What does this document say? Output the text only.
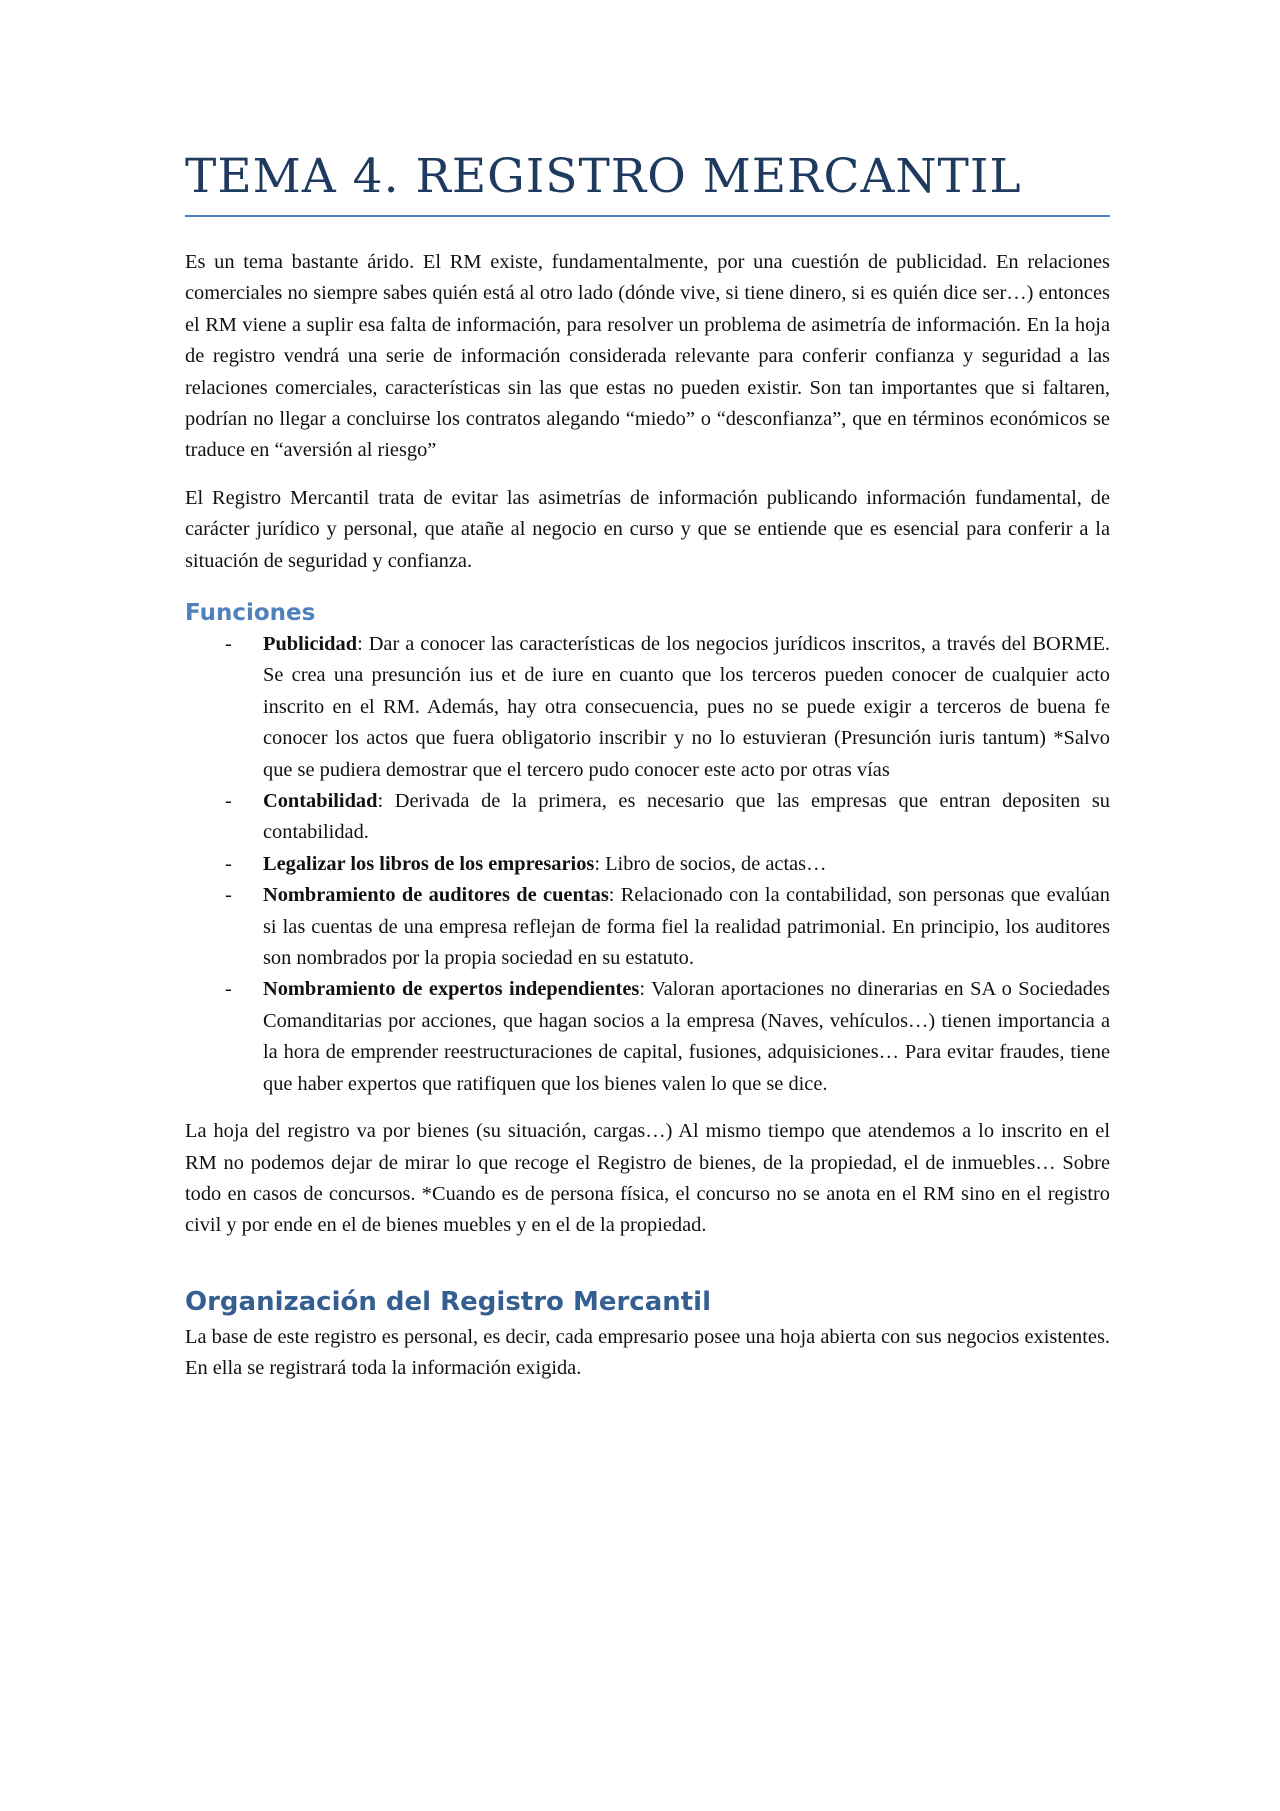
TEMA 4. REGISTRO MERCANTIL

Es un tema bastante árido. El RM existe, fundamentalmente, por una cuestión de publicidad. En relaciones comerciales no siempre sabes quién está al otro lado (dónde vive, si tiene dinero, si es quién dice ser…) entonces el RM viene a suplir esa falta de información, para resolver un problema de asimetría de información. En la hoja de registro vendrá una serie de información considerada relevante para conferir confianza y seguridad a las relaciones comerciales, características sin las que estas no pueden existir. Son tan importantes que si faltaren, podrían no llegar a concluirse los contratos alegando “miedo” o “desconfianza”, que en términos económicos se traduce en “aversión al riesgo”

El Registro Mercantil trata de evitar las asimetrías de información publicando información fundamental, de carácter jurídico y personal, que atañe al negocio en curso y que se entiende que es esencial para conferir a la situación de seguridad y confianza.

Funciones
- Publicidad: Dar a conocer las características de los negocios jurídicos inscritos, a través del BORME. Se crea una presunción ius et de iure en cuanto que los terceros pueden conocer de cualquier acto inscrito en el RM. Además, hay otra consecuencia, pues no se puede exigir a terceros de buena fe conocer los actos que fuera obligatorio inscribir y no lo estuvieran (Presunción iuris tantum) *Salvo que se pudiera demostrar que el tercero pudo conocer este acto por otras vías
- Contabilidad: Derivada de la primera, es necesario que las empresas que entran depositen su contabilidad.
- Legalizar los libros de los empresarios: Libro de socios, de actas…
- Nombramiento de auditores de cuentas: Relacionado con la contabilidad, son personas que evalúan si las cuentas de una empresa reflejan de forma fiel la realidad patrimonial. En principio, los auditores son nombrados por la propia sociedad en su estatuto.
- Nombramiento de expertos independientes: Valoran aportaciones no dinerarias en SA o Sociedades Comanditarias por acciones, que hagan socios a la empresa (Naves, vehículos…) tienen importancia a la hora de emprender reestructuraciones de capital, fusiones, adquisiciones… Para evitar fraudes, tiene que haber expertos que ratifiquen que los bienes valen lo que se dice.

La hoja del registro va por bienes (su situación, cargas…) Al mismo tiempo que atendemos a lo inscrito en el RM no podemos dejar de mirar lo que recoge el Registro de bienes, de la propiedad, el de inmuebles… Sobre todo en casos de concursos. *Cuando es de persona física, el concurso no se anota en el RM sino en el registro civil y por ende en el de bienes muebles y en el de la propiedad.

Organización del Registro Mercantil

La base de este registro es personal, es decir, cada empresario posee una hoja abierta con sus negocios existentes. En ella se registrará toda la información exigida.
